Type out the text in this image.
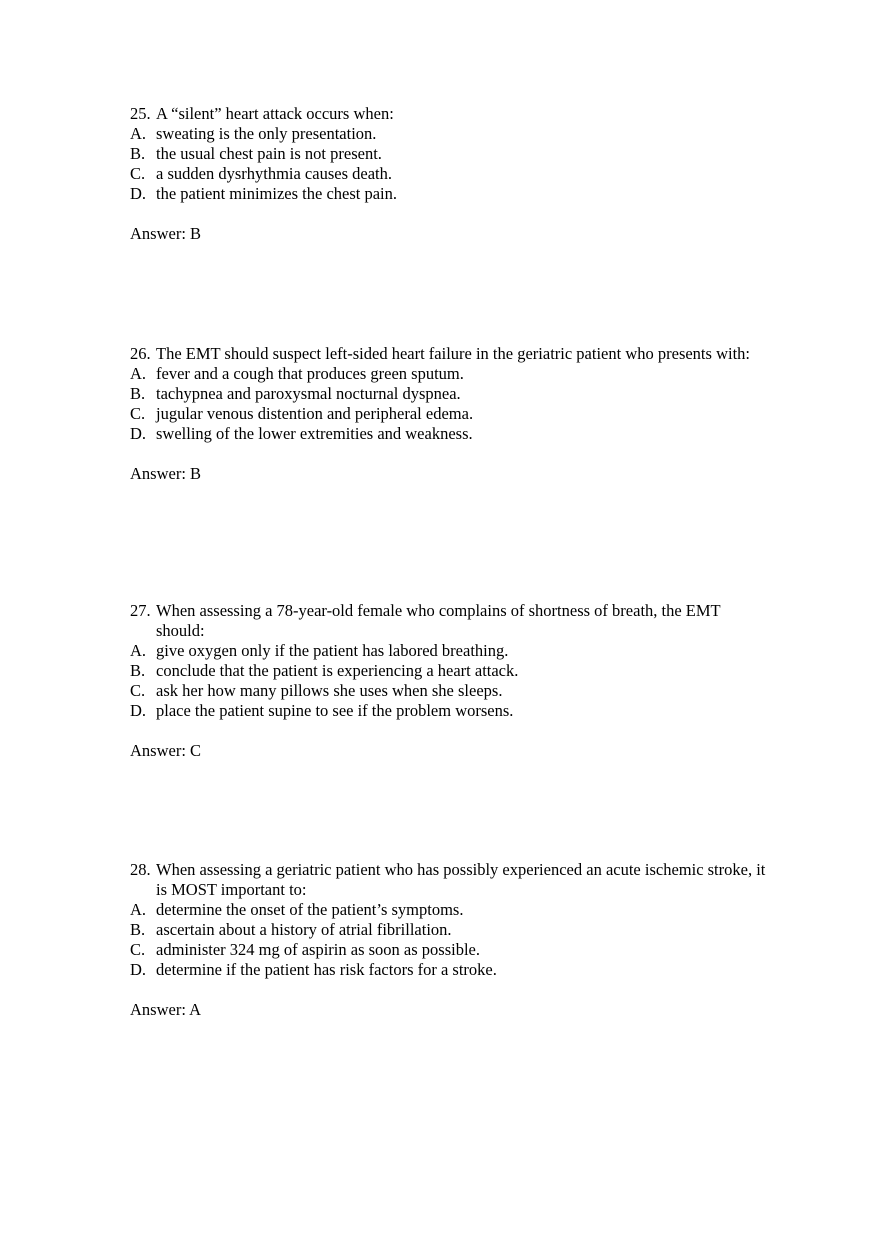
25. A “silent” heart attack occurs when:
A. sweating is the only presentation.
B. the usual chest pain is not present.
C. a sudden dysrhythmia causes death.
D. the patient minimizes the chest pain.
Answer: B
26. The EMT should suspect left-sided heart failure in the geriatric patient who presents with:
A. fever and a cough that produces green sputum.
B. tachypnea and paroxysmal nocturnal dyspnea.
C. jugular venous distention and peripheral edema.
D. swelling of the lower extremities and weakness.
Answer: B
27. When assessing a 78-year-old female who complains of shortness of breath, the EMT should:
A. give oxygen only if the patient has labored breathing.
B. conclude that the patient is experiencing a heart attack.
C. ask her how many pillows she uses when she sleeps.
D. place the patient supine to see if the problem worsens.
Answer: C
28. When assessing a geriatric patient who has possibly experienced an acute ischemic stroke, it is MOST important to:
A. determine the onset of the patient’s symptoms.
B. ascertain about a history of atrial fibrillation.
C. administer 324 mg of aspirin as soon as possible.
D. determine if the patient has risk factors for a stroke.
Answer: A
